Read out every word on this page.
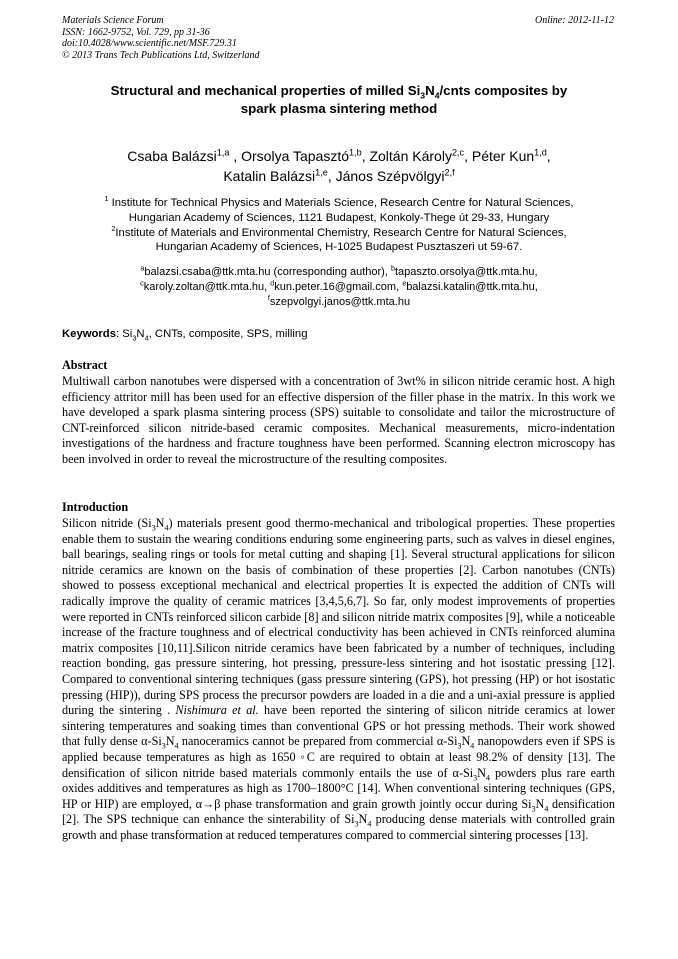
Materials Science Forum
ISSN: 1662-9752, Vol. 729, pp 31-36
doi:10.4028/www.scientific.net/MSF.729.31
© 2013 Trans Tech Publications Ltd, Switzerland
Online: 2012-11-12
Structural and mechanical properties of milled $Si_3N_4$/cnts composites by
spark plasma sintering method
Csaba Balázsi$^{1,a}$ , Orsolya Tapasztó$^{1,b}$, Zoltán Károly$^{2,c}$, Péter Kun$^{1,d}$,
Katalin Balázsi$^{1,e}$, János Szépvölgyi$^{2,f}$
$^1$ Institute for Technical Physics and Materials Science, Research Centre for Natural Sciences,
Hungarian Academy of Sciences, 1121 Budapest, Konkoly-Thege út 29-33, Hungary
$^2$Institute of Materials and Environmental Chemistry, Research Centre for Natural Sciences,
Hungarian Academy of Sciences, H-1025 Budapest Pusztaszeri ut 59-67.
$^a$balazsi.csaba@ttk.mta.hu (corresponding author), $^b$tapaszto.orsolya@ttk.mta.hu,
$^c$karoly.zoltan@ttk.mta.hu, $^d$kun.peter.16@gmail.com, $^e$balazsi.katalin@ttk.mta.hu,
$^f$szepvolgyi.janos@ttk.mta.hu
Keywords: $Si_3N_4$, CNTs, composite, SPS, milling
Abstract
Multiwall carbon nanotubes were dispersed with a concentration of 3wt% in silicon nitride ceramic host. A high efficiency attritor mill has been used for an effective dispersion of the filler phase in the matrix. In this work we have developed a spark plasma sintering process (SPS) suitable to consolidate and tailor the microstructure of CNT-reinforced silicon nitride-based ceramic composites. Mechanical measurements, micro-indentation investigations of the hardness and fracture toughness have been performed. Scanning electron microscopy has been involved in order to reveal the microstructure of the resulting composites.
Introduction
Silicon nitride $(Si_3N_4)$ materials present good thermo-mechanical and tribological properties. These properties enable them to sustain the wearing conditions enduring some engineering parts, such as valves in diesel engines, ball bearings, sealing rings or tools for metal cutting and shaping [1]. Several structural applications for silicon nitride ceramics are known on the basis of combination of these properties [2]. Carbon nanotubes (CNTs) showed to possess exceptional mechanical and electrical properties It is expected the addition of CNTs will radically improve the quality of ceramic matrices [3,4,5,6,7]. So far, only modest improvements of properties were reported in CNTs reinforced silicon carbide [8] and silicon nitride matrix composites [9], while a noticeable increase of the fracture toughness and of electrical conductivity has been achieved in CNTs reinforced alumina matrix composites [10,11].Silicon nitride ceramics have been fabricated by a number of techniques, including reaction bonding, gas pressure sintering, hot pressing, pressure-less sintering and hot isostatic pressing [12]. Compared to conventional sintering techniques (gass pressure sintering (GPS), hot pressing (HP) or hot isostatic pressing (HIP)), during SPS process the precursor powders are loaded in a die and a uni-axial pressure is applied during the sintering . Nishimura et al. have been reported the sintering of silicon nitride ceramics at lower sintering temperatures and soaking times than conventional GPS or hot pressing methods. Their work showed that fully dense $\alpha-Si_3N_4$ nanoceramics cannot be prepared from commercial $\alpha-Si_3N_4$ nanopowders even if SPS is applied because temperatures as high as 1650 ◦C are required to obtain at least 98.2% of density [13]. The densification of silicon nitride based materials commonly entails the use of $\alpha-Si_3N_4$ powders plus rare earth oxides additives and temperatures as high as 1700–1800°C [14]. When conventional sintering techniques (GPS, HP or HIP) are employed, α→β phase transformation and grain growth jointly occur during $Si_3N_4$ densification [2]. The SPS technique can enhance the sinterability of $Si_3N_4$ producing dense materials with controlled grain growth and phase transformation at reduced temperatures compared to commercial sintering processes [13].
